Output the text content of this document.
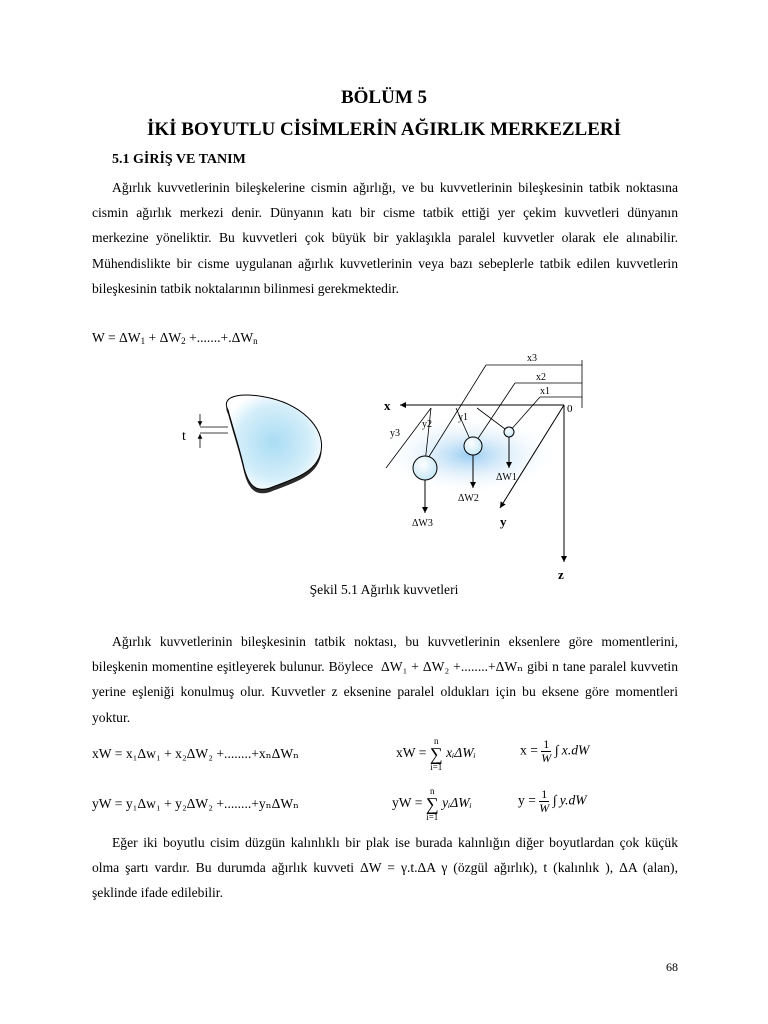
BÖLÜM 5
İKİ BOYUTLU CİSİMLERİN AĞIRLIK MERKEZLERİ
5.1 GİRİŞ VE TANIM
Ağırlık kuvvetlerinin bileşkelerine cismin ağırlığı, ve bu kuvvetlerinin bileşkesinin tatbik noktasına cismin ağırlık merkezi denir. Dünyanın katı bir cisme tatbik ettiği yer çekim kuvvetleri dünyanın merkezine yöneliktir. Bu kuvvetleri çok büyük bir yaklaşıkla paralel kuvvetler olarak ele alınabilir. Mühendislikte bir cisme uygulanan ağırlık kuvvetlerinin veya bazı sebeplerle tatbik edilen kuvvetlerin bileşkesinin tatbik noktalarının bilinmesi gerekmektedir.
$W = \Delta W_1 + \Delta W_2 +.......+.\Delta W_n$
t
x
y
z
0
x3
x2
x1
y3
y2
y1
ΔW3
ΔW2
ΔW1
Şekil 5.1 Ağırlık kuvvetleri
Ağırlık kuvvetlerinin bileşkesinin tatbik noktası, bu kuvvetlerinin eksenlere göre momentlerini, bileşkenin momentine eşitleyerek bulunur. Böylece ΔW₁ + ΔW₂ +........+ΔWₙ gibi n tane paralel kuvvetin yerine eşleniği konulmuş olur. Kuvvetler z eksenine paralel oldukları için bu eksene göre momentleri yoktur.
xW = x₁Δw₁ + x₂ΔW₂ +........+xₙΔWₙ	xW = n
∑
i=1 xᵢΔWᵢ	$x = \frac{1}{W}$ ∫ x.dW
yW = y₁Δw₁ + y₂ΔW₂ +........+yₙΔWₙ	yW = n
∑
i=1 yᵢΔWᵢ	$y = \frac{1}{W}$ ∫ y.dW
Eğer iki boyutlu cisim düzgün kalınlıklı bir plak ise burada kalınlığın diğer boyutlardan çok küçük olma şartı vardır. Bu durumda ağırlık kuvveti ΔW = γ.t.ΔA γ (özgül ağırlık), t (kalınlık ), ΔA (alan), şeklinde ifade edilebilir.
68
